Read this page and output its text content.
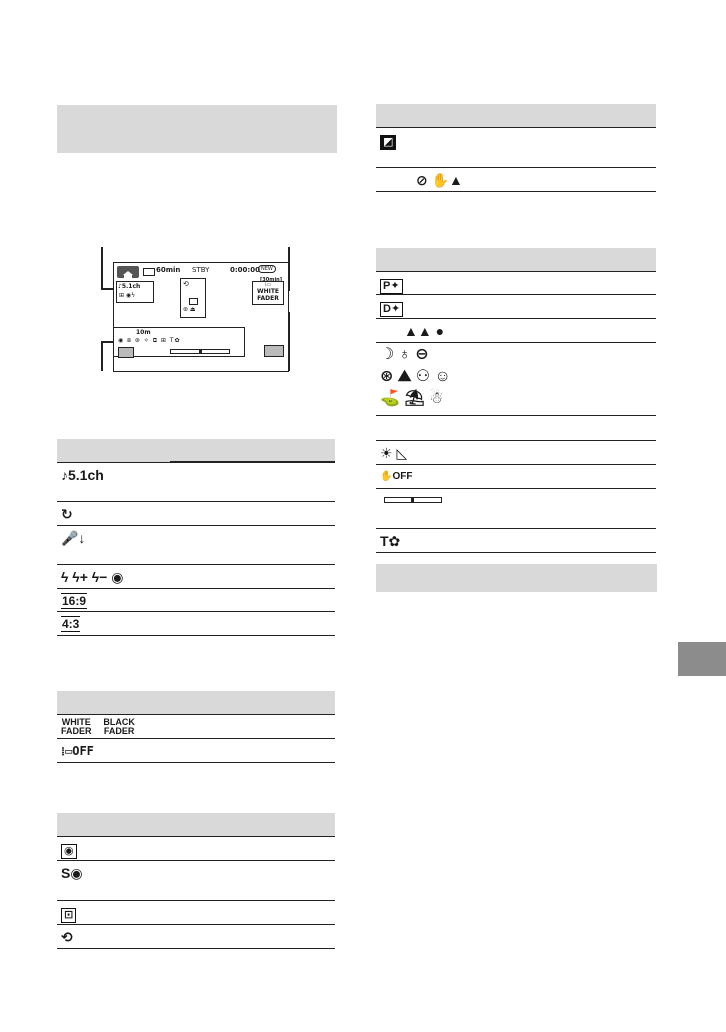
60min STBY	0:00:00 NEW
[30min]
♪5.1ch
⊞ ◉ϟ
⟲
⊛ ⏏
⁞▭
WHITE
FADER
10m
◉ ⧈ ⊛ ✧ ⧉ ⊞ T✿
♪5.1ch
↻
🎤↓
ϟ ϟ+ ϟ− ◉
16:9
4:3
WHITE
FADER BLACK
FADER
⁞▭OFF
◉
S◉
⊡
⟲
◩
⊘ ✋▲
P✦
D✦
▲▲ ●
☽ ♁ ⊖
⊛ ⛰ ⚇ ☺
⛳ ⛱ ☃
☀ ◺
✋OFF
T✿
